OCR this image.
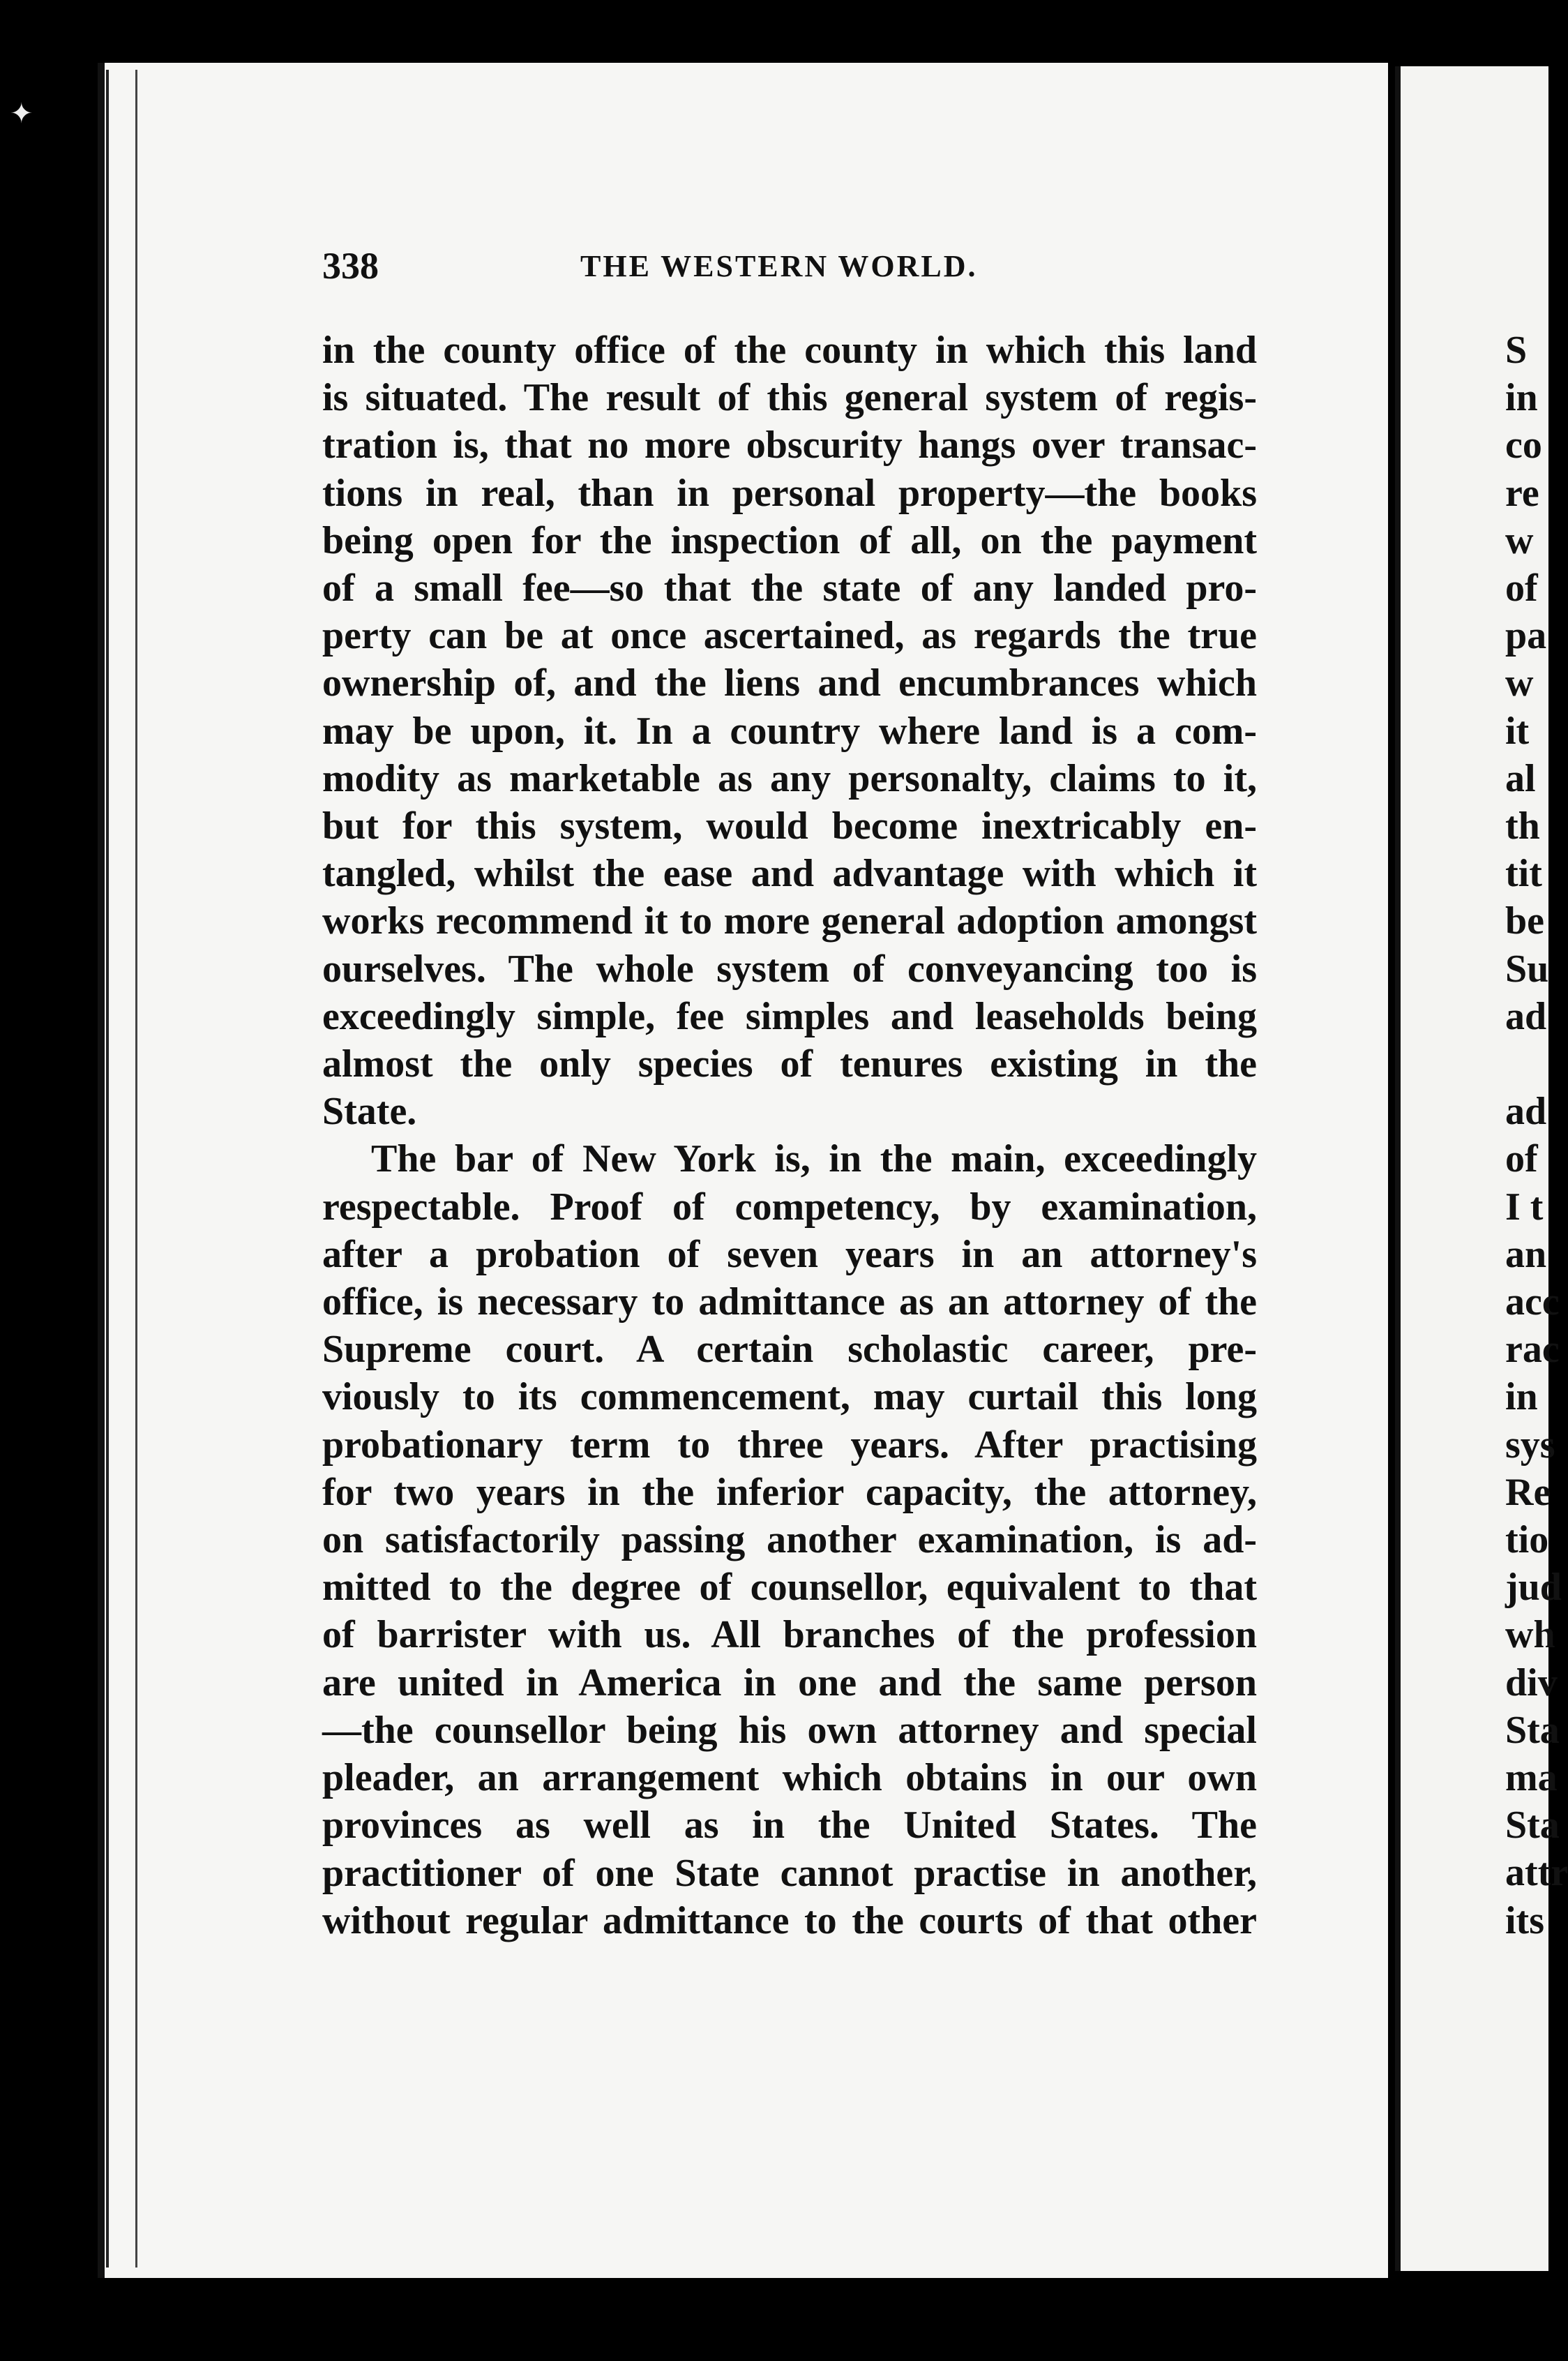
✦
338	THE WESTERN WORLD.
in the county office of the county in which this land
is situated. The result of this general system of regis-
tration is, that no more obscurity hangs over transac-
tions in real, than in personal property—the books
being open for the inspection of all, on the payment
of a small fee—so that the state of any landed pro-
perty can be at once ascertained, as regards the true
ownership of, and the liens and encumbrances which
may be upon, it. In a country where land is a com-
modity as marketable as any personalty, claims to it,
but for this system, would become inextricably en-
tangled, whilst the ease and advantage with which it
works recommend it to more general adoption amongst
ourselves. The whole system of conveyancing too is
exceedingly simple, fee simples and leaseholds being
almost the only species of tenures existing in the
State.
The bar of New York is, in the main, exceedingly
respectable. Proof of competency, by examination,
after a probation of seven years in an attorney's
office, is necessary to admittance as an attorney of the
Supreme court. A certain scholastic career, pre-
viously to its commencement, may curtail this long
probationary term to three years. After practising
for two years in the inferior capacity, the attorney,
on satisfactorily passing another examination, is ad-
mitted to the degree of counsellor, equivalent to that
of barrister with us. All branches of the profession
are united in America in one and the same person
—the counsellor being his own attorney and special
pleader, an arrangement which obtains in our own
provinces as well as in the United States. The
practitioner of one State cannot practise in another,
without regular admittance to the courts of that other
S
in
co
re
w
of
pa
w
it
al
th
tit
be
Su
ad
ad
of
I t
an
acc
rac
in
sys
Re
tio
jud
wh
div
Sta
ma
Sta
attr
its
